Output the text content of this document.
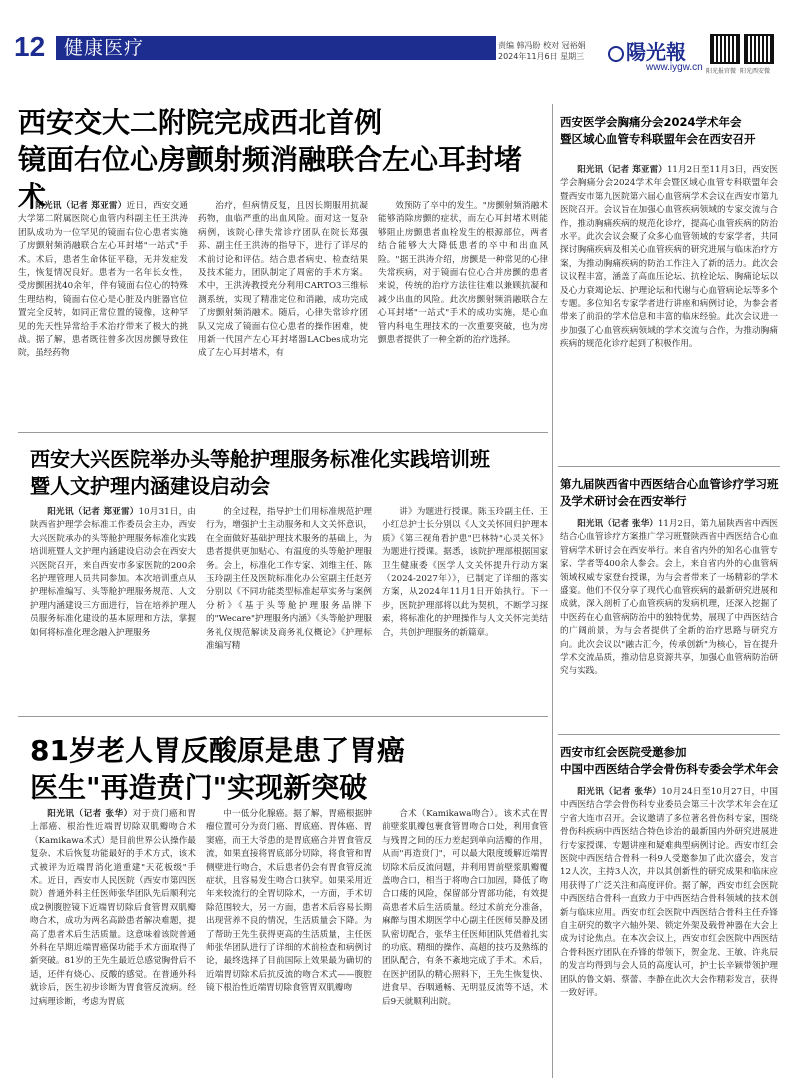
12 健康医疗	责编 韩冯盼 校对 冠裕娟
2024年11月6日 星期三	陽光報
www.iygw.cn 阳光报官微 阳光西安微
西安交大二附院完成西北首例
镜面右位心房颤射频消融联合左心耳封堵术

阳光讯（记者 郑亚雷）近日，西安交通大学第二附属医院心血管内科副主任王洪涛团队成功为一位罕见的镜面右位心患者实施了房颤射频消融联合左心耳封堵"一站式"手术。术后，患者生命体征平稳，无并发症发生，恢复情况良好。患者为一名年长女性，受房颤困扰40余年，伴有镜面右位心的特殊生理结构，镜面右位心是心脏及内脏器官位置完全反转，如同正常位置的镜像，这种罕见的先天性异常给手术治疗带来了极大的挑战。据了解，患者既往曾多次因房颤导致住院，虽经药物

治疗，但病情反复，且因长期服用抗凝药物，血临严重的出血风险。面对这一复杂病例，该院心律失常诊疗团队在院长郑强荪、副主任王洪涛的指导下，进行了详尽的术前讨论和评估。结合患者病史、检查结果及技术能力，团队制定了周密的手术方案。术中，王洪涛教授充分利用CARTO3三维标测系统，实现了精准定位和消融，成功完成了房颤射频消融术。随后，心律失常诊疗团队又完成了镜面右位心患者的操作困难，使用新一代国产左心耳封堵器LACbes成功完成了左心耳封堵术，有

效预防了卒中的发生。"房颤射频消融术能够消除房颤的症状，而左心耳封堵术则能够阻止房颤患者血栓发生的根源部位，两者结合能够大大降低患者的卒中和出血风险。"据王洪涛介绍，房颤是一种常见的心律失常疾病，对于镜面右位心合并房颤的患者来说，传统的治疗方法往往难以兼顾抗凝和减少出血的风险。此次房颤射频消融联合左心耳封堵"一站式"手术的成功实施，是心血管内科电生理技术的一次重要突破，也为房颤患者提供了一种全新的治疗选择。

西安大兴医院举办头等舱护理服务标准化实践培训班
暨人文护理内涵建设启动会

阳光讯（记者 郑亚雷）10月31日，由陕西省护理学会标准工作委员会主办，西安大兴医院承办的头等舱护理服务标准化实践培训班暨人文护理内涵建设启动会在西安大兴医院召开，来自西安市多家医院的200余名护理管理人员共同参加。本次培训重点从护理标准编写、头等舱护理服务规范、人文护理内涵建设三方面进行，旨在培养护理人员服务标准化建设的基本原理和方法，掌握如何将标准化理念融入护理服务

的全过程，指导护士们用标准规范护理行为，增强护士主动服务和人文关怀意识，在全面做好基础护理技术服务的基础上，为患者提供更加贴心、有温度的头等舱护理服务。会上，标准化工作专家、刘维主任、陈玉玲副主任及医院标准化办公室副主任赵芳分别以《不同功能类型标准起草实务与案例分析》《基于头等舱护理服务品牌下的"Wecare"护理服务内涵》《头等舱护理服务礼仪规范解读及商务礼仪概论》《护理标准编写精

讲》为题进行授课。陈玉玲副主任、王小红总护士长分别以《人文关怀回归护理本质》《第三视角看护患"巴林特"心灵关怀》为题进行授课。据悉，该院护理部根据国家卫生健康委《医学人文关怀提升行动方案（2024-2027年）》，已制定了详细的落实方案，从2024年11月1日开始执行。下一步，医院护理部将以此为契机，不断学习探索，将标准化的护理操作与人文关怀完美结合，共创护理服务的新篇章。

81岁老人胃反酸原是患了胃癌
医生"再造贲门"实现新突破

阳光讯（记者 张华）对于贲门癌和胃上部癌、根治性近端胃切除双肌瓣吻合术（Kamikawa术式）是目前世界公认操作最复杂、术后恢复功能最好的手术方式，该术式被评为近端胃消化道重建"天花板级"手术。近日，西安市人民医院（西安市第四医院）普通外科主任医师张华团队先后顺利完成2例腹腔镜下近端胃切除后食管胃双肌瓣吻合术，成功为两名高龄患者解决难题，提高了患者术后生活质量。这意味着该院普通外科在早期近端胃癌保功能手术方面取得了新突破。81岁的王先生最近总感觉胸骨后不适，还伴有烧心、反酸的感觉。在普通外科就诊后，医生初步诊断为胃食管反流病。经过病理诊断，考虑为胃底

中一低分化腺癌。据了解，胃癌根据肿瘤位置可分为贲门癌、胃底癌、胃体癌、胃窦癌，而王大爷患的是胃底癌合并胃食管反流，如果直接将胃底部分切除，将食管和胃侧壁进行吻合，术后患者仍会有胃食管反流症状，且容易发生吻合口狭窄。如果采用近年来较流行的全胃切除术，一方面，手术切除范围较大，另一方面，患者术后容易长期出现营养不良的情况，生活质量会下降。为了帮助王先生获得更高的生活质量，主任医师张华团队进行了详细的术前检查和病例讨论，最终选择了目前国际上效果最为确切的近端胃切除术后抗反流的吻合术式——腹腔镜下根治性近端胃切除食管胃双肌瓣吻

合术（Kamikawa吻合）。该术式在胃前壁浆肌瓣包裹食管胃吻合口处，利用食管与残胃之间的压力差起到单向活瓣的作用，从而"再造贲门"，可以最大限度缓解近端胃切除术后反流问题，并利用胃前壁浆肌瓣覆盖吻合口，相当于将吻合口加固，降低了吻合口瘘的风险，保留部分胃部功能，有效提高患者术后生活质量。经过术前充分准备，麻醉与围术期医学中心副主任医师吴静及团队密切配合，张华主任医师团队凭借着扎实的功底、精细的操作、高超的技巧及熟练的团队配合，有条不紊地完成了手术。术后，在医护团队的精心照料下，王先生恢复快、进食早、吞咽通畅、无明显反流等不适，术后9天就顺利出院。

西安医学会胸痛分会2024学术年会
暨区域心血管专科联盟年会在西安召开

阳光讯（记者 郑亚雷）11月2日至11月3日，西安医学会胸痛分会2024学术年会暨区域心血管专科联盟年会暨西安市第九医院第六届心血管病学术会议在西安市第九医院召开。会议旨在加强心血管疾病领域的专家交流与合作，推动胸痛疾病的规范化诊疗，提高心血管疾病的防治水平。此次会议会聚了众多心血管领域的专家学者，共同探讨胸痛疾病及相关心血管疾病的研究进展与临床治疗方案，为推动胸痛疾病的防治工作注入了新的活力。此次会议议程丰富，涵盖了高血压论坛、抗栓论坛、胸痛论坛以及心力衰竭论坛、护理论坛和代谢与心血管病论坛等多个专题。多位知名专家学者进行讲座和病例讨论，为参会者带来了前沿的学术信息和丰富的临床经验。此次会议进一步加强了心血管疾病领域的学术交流与合作，为推动胸痛疾病的规范化诊疗起到了积极作用。

第九届陕西省中西医结合心血管诊疗学习班
及学术研讨会在西安举行

阳光讯（记者 张华）11月2日，第九届陕西省中西医结合心血管诊疗方案推广学习班暨陕西省中西医结合心血管病学术研讨会在西安举行。来自省内外的知名心血管专家、学者等400余人参会。会上，来自省内外的心血管病领域权威专家登台授课，为与会者带来了一场精彩的学术盛宴。他们不仅分享了现代心血管疾病的最新研究进展和成就，深入剖析了心血管疾病的发病机理，还深入挖掘了中医药在心血管病防治中的独特优势，展现了中西医结合的广阔前景，为与会者提供了全新的治疗思路与研究方向。此次会议以"融古汇今，传承创新"为核心，旨在提升学术交流品质，推动信息资源共享，加强心血管病防治研究与实践。

西安市红会医院受邀参加
中国中西医结合学会骨伤科专委会学术年会

阳光讯（记者 张华）10月24日至10月27日，中国中西医结合学会骨伤科专业委员会第三十次学术年会在辽宁省大连市召开。会议邀请了多位著名骨伤科专家，围绕骨伤科疾病中西医结合特色诊治的最新国内外研究进展进行专家授课、专题讲座和疑难典型病例讨论。西安市红会医院中西医结合骨科一科9人受邀参加了此次盛会，发言12人次，主持3人次，并以其创新性的研究成果和临床应用获得了广泛关注和高度评价。据了解，西安市红会医院中西医结合骨科一直致力于中西医结合骨科领域的技术创新与临床应用。西安市红会医院中西医结合骨科主任乔锋自主研究的数字六轴外架、锁定外架及载骨神器在大会上成为讨论焦点。在本次会议上，西安市红会医院中西医结合骨科医疗团队在乔锋的带领下，贺金龙、王敏、许兆辰的发言均得到与会人员的高度认可，护士长辛颖带领护理团队的鲁文娟、蔡蕾、李静在此次大会作精彩发言，获得一致好评。
